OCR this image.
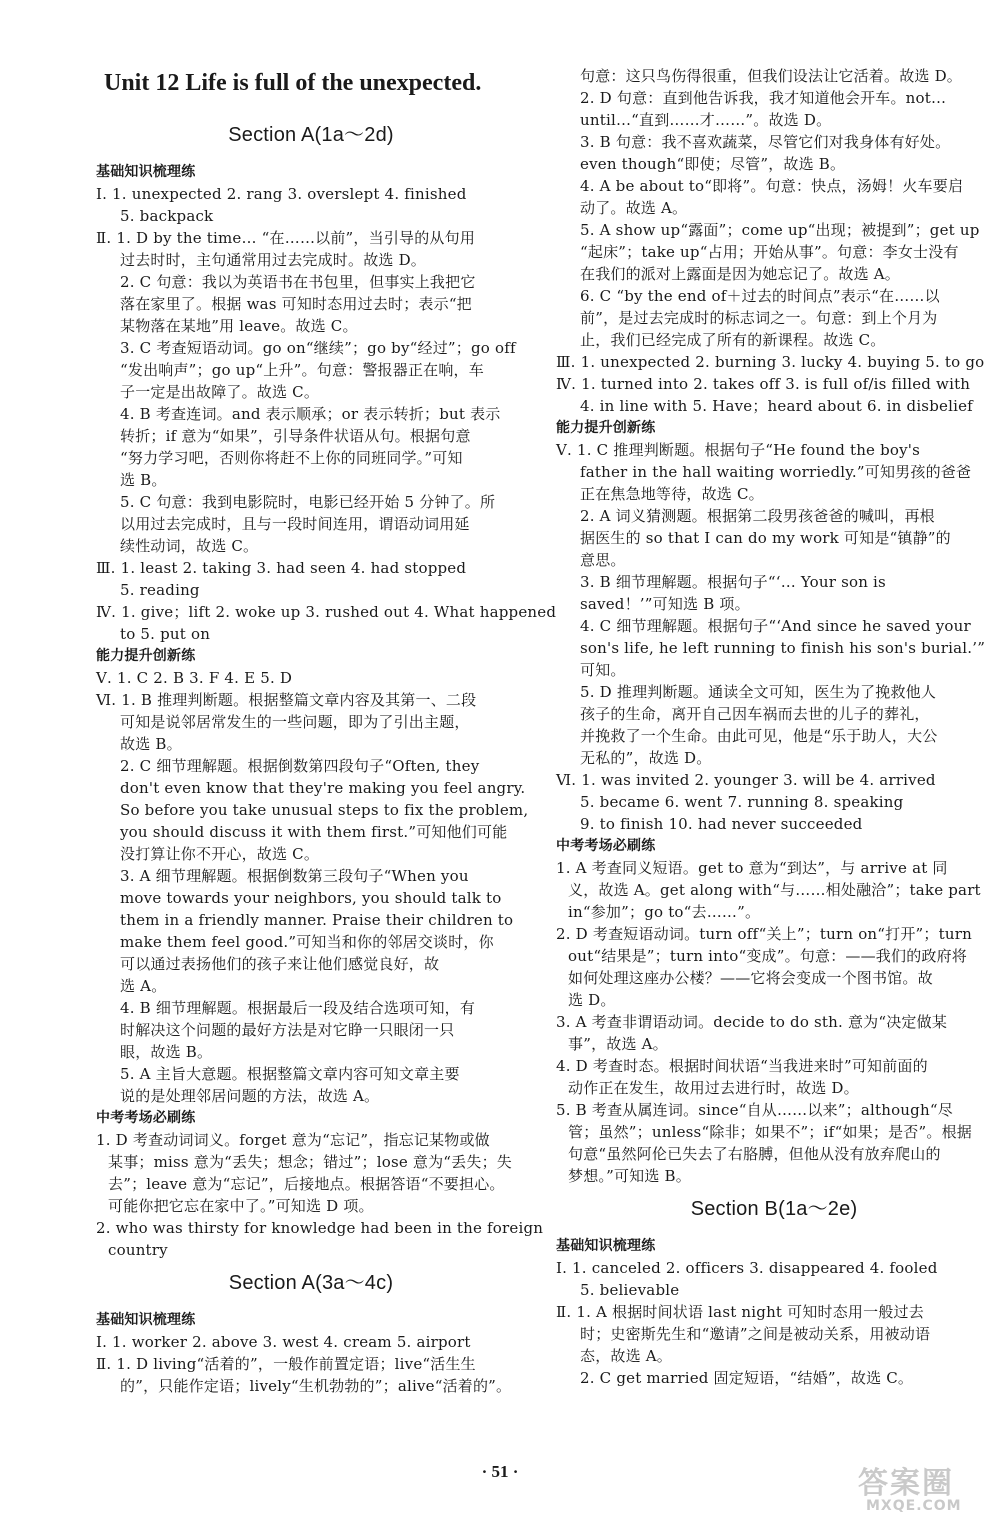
Unit 12 Life is full of the unexpected.
Section A(1a～2d)
基础知识梳理练
Ⅰ. 1. unexpected 2. rang 3. overslept 4. finished
5. backpack
Ⅱ. 1. D by the time… “在……以前”，当引导的从句用
过去时时，主句通常用过去完成时。故选 D。
2. C 句意：我以为英语书在书包里，但事实上我把它
落在家里了。根据 was 可知时态用过去时；表示“把
某物落在某地”用 leave。故选 C。
3. C 考查短语动词。go on“继续”；go by“经过”；go off
“发出响声”；go up“上升”。句意：警报器正在响，车
子一定是出故障了。故选 C。
4. B 考查连词。and 表示顺承；or 表示转折；but 表示
转折；if 意为“如果”，引导条件状语从句。根据句意
“努力学习吧，否则你将赶不上你的同班同学。”可知
选 B。
5. C 句意：我到电影院时，电影已经开始 5 分钟了。所
以用过去完成时，且与一段时间连用，谓语动词用延
续性动词，故选 C。
Ⅲ. 1. least 2. taking 3. had seen 4. had stopped
5. reading
Ⅳ. 1. give；lift 2. woke up 3. rushed out 4. What happened
to 5. put on
能力提升创新练
Ⅴ. 1. C 2. B 3. F 4. E 5. D
Ⅵ. 1. B 推理判断题。根据整篇文章内容及其第一、二段
可知是说邻居常发生的一些问题，即为了引出主题，
故选 B。
2. C 细节理解题。根据倒数第四段句子“Often, they
don't even know that they're making you feel angry.
So before you take unusual steps to fix the problem,
you should discuss it with them first.”可知他们可能
没打算让你不开心，故选 C。
3. A 细节理解题。根据倒数第三段句子“When you
move towards your neighbors, you should talk to
them in a friendly manner. Praise their children to
make them feel good.”可知当和你的邻居交谈时，你
可以通过表扬他们的孩子来让他们感觉良好，故
选 A。
4. B 细节理解题。根据最后一段及结合选项可知，有
时解决这个问题的最好方法是对它睁一只眼闭一只
眼，故选 B。
5. A 主旨大意题。根据整篇文章内容可知文章主要
说的是处理邻居问题的方法，故选 A。
中考考场必刷练
1. D 考查动词词义。forget 意为“忘记”，指忘记某物或做
某事；miss 意为“丢失；想念；错过”；lose 意为“丢失；失
去”；leave 意为“忘记”，后接地点。根据答语“不要担心。
可能你把它忘在家中了。”可知选 D 项。
2. who was thirsty for knowledge had been in the foreign
country
Section A(3a～4c)
基础知识梳理练
Ⅰ. 1. worker 2. above 3. west 4. cream 5. airport
Ⅱ. 1. D living“活着的”，一般作前置定语；live“活生生
的”，只能作定语；lively“生机勃勃的”；alive“活着的”。
句意：这只鸟伤得很重，但我们设法让它活着。故选 D。
2. D 句意：直到他告诉我，我才知道他会开车。not…
until…“直到……才……”。故选 D。
3. B 句意：我不喜欢蔬菜，尽管它们对我身体有好处。
even though“即使；尽管”，故选 B。
4. A be about to“即将”。句意：快点，汤姆！火车要启
动了。故选 A。
5. A show up“露面”；come up“出现；被提到”；get up
“起床”；take up“占用；开始从事”。句意：李女士没有
在我们的派对上露面是因为她忘记了。故选 A。
6. C “by the end of＋过去的时间点”表示“在……以
前”，是过去完成时的标志词之一。句意：到上个月为
止，我们已经完成了所有的新课程。故选 C。
Ⅲ. 1. unexpected 2. burning 3. lucky 4. buying 5. to go
Ⅳ. 1. turned into 2. takes off 3. is full of/is filled with
4. in line with 5. Have；heard about 6. in disbelief
能力提升创新练
Ⅴ. 1. C 推理判断题。根据句子“He found the boy's
father in the hall waiting worriedly.”可知男孩的爸爸
正在焦急地等待，故选 C。
2. A 词义猜测题。根据第二段男孩爸爸的喊叫，再根
据医生的 so that I can do my work 可知是“镇静”的
意思。
3. B 细节理解题。根据句子“‘… Your son is
saved！’”可知选 B 项。
4. C 细节理解题。根据句子“‘And since he saved your
son's life, he left running to finish his son's burial.’”
可知。
5. D 推理判断题。通读全文可知，医生为了挽救他人
孩子的生命，离开自己因车祸而去世的儿子的葬礼，
并挽救了一个生命。由此可见，他是“乐于助人，大公
无私的”，故选 D。
Ⅵ. 1. was invited 2. younger 3. will be 4. arrived
5. became 6. went 7. running 8. speaking
9. to finish 10. had never succeeded
中考考场必刷练
1. A 考查同义短语。get to 意为“到达”，与 arrive at 同
义，故选 A。get along with“与……相处融洽”；take part
in“参加”；go to“去……”。
2. D 考查短语动词。turn off“关上”；turn on“打开”；turn
out“结果是”；turn into“变成”。句意：——我们的政府将
如何处理这座办公楼？——它将会变成一个图书馆。故
选 D。
3. A 考查非谓语动词。decide to do sth. 意为“决定做某
事”，故选 A。
4. D 考查时态。根据时间状语“当我进来时”可知前面的
动作正在发生，故用过去进行时，故选 D。
5. B 考查从属连词。since“自从……以来”；although“尽
管；虽然”；unless“除非；如果不”；if“如果；是否”。根据
句意“虽然阿伦已失去了右胳膊，但他从没有放弃爬山的
梦想。”可知选 B。
Section B(1a～2e)
基础知识梳理练
Ⅰ. 1. canceled 2. officers 3. disappeared 4. fooled
5. believable
Ⅱ. 1. A 根据时间状语 last night 可知时态用一般过去
时；史密斯先生和“邀请”之间是被动关系，用被动语
态，故选 A。
2. C get married 固定短语，“结婚”，故选 C。
· 51 ·	答案圈
MXQE.COM
